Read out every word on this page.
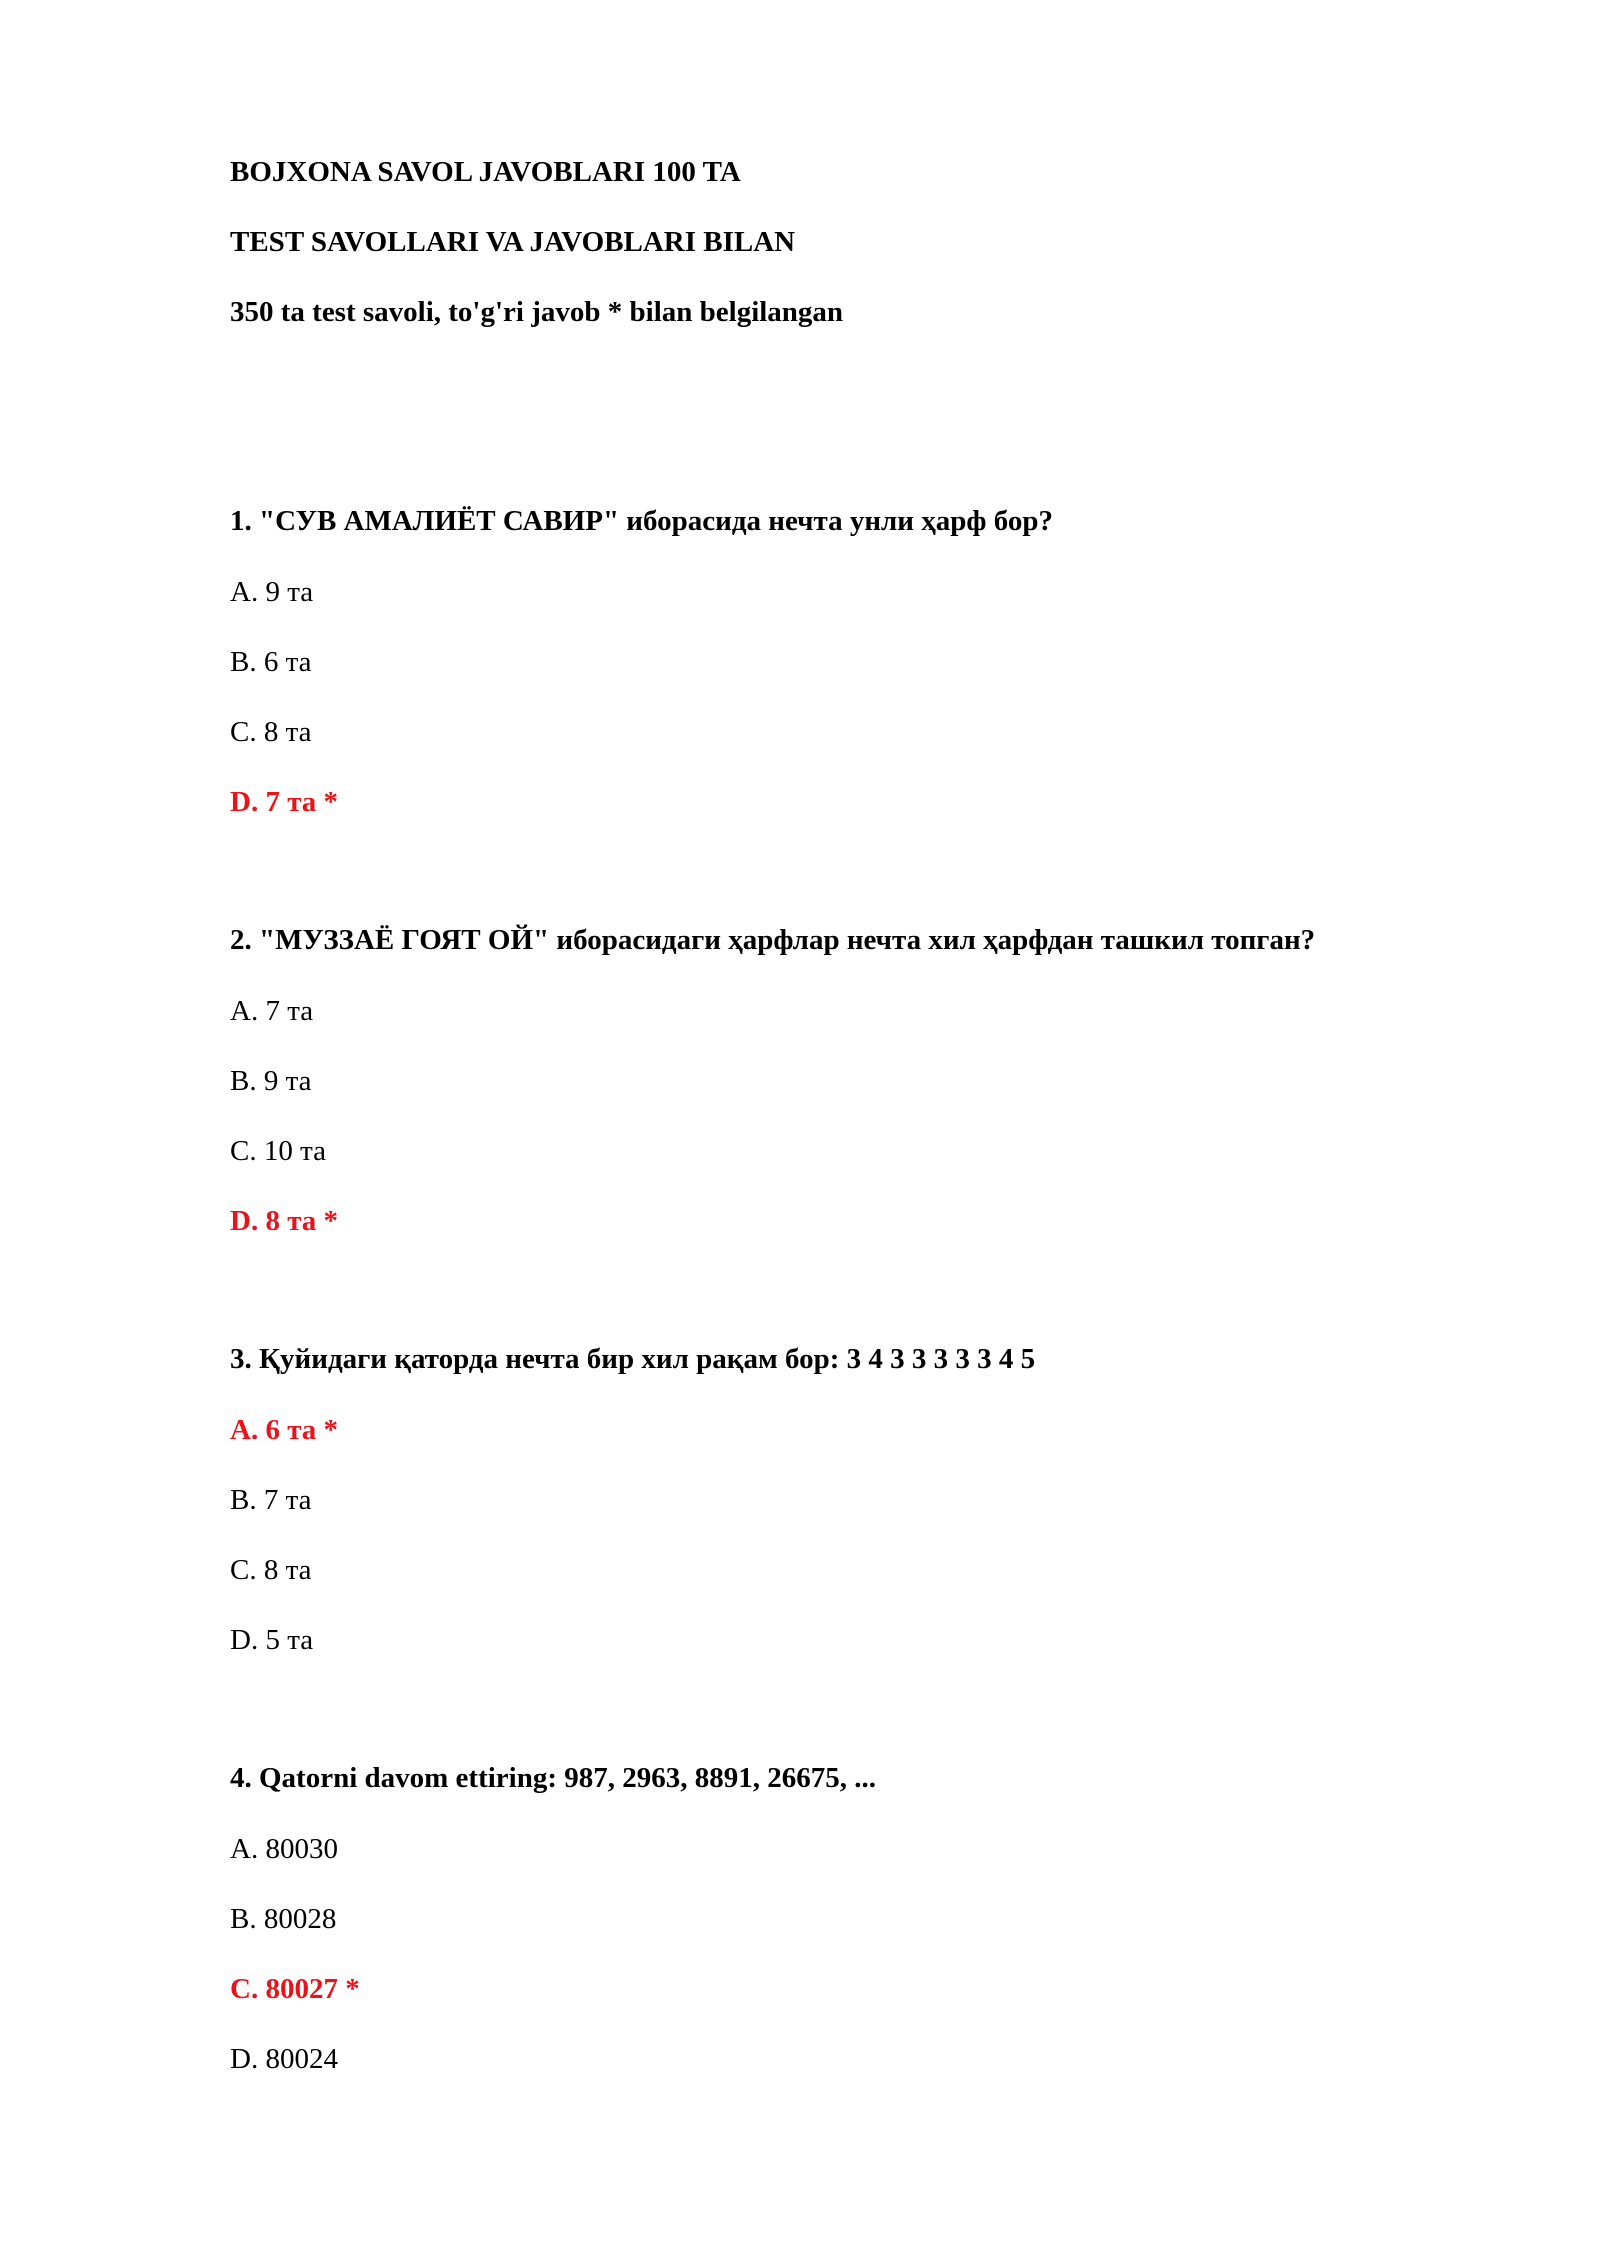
BOJXONA SAVOL JAVOBLARI 100 TA
TEST SAVOLLARI VA JAVOBLARI BILAN
350 ta test savoli, to'g'ri javob * bilan belgilangan
1. "СУВ АМАЛИЁТ САВИР" иборасида нечта унли ҳарф бор?
A. 9 та
B. 6 та
C. 8 та
D. 7 та *
2. "МУЗЗАЁ ГОЯТ ОЙ" иборасидаги ҳарфлар нечта хил ҳарфдан ташкил топган?
A. 7 та
B. 9 та
C. 10 та
D. 8 та *
3. Қуйидаги қаторда нечта бир хил рақам бор: 3 4 3 3 3 3 3 4 5
A. 6 та *
B. 7 та
C. 8 та
D. 5 та
4. Qatorni davom ettiring: 987, 2963, 8891, 26675, ...
A. 80030
B. 80028
C. 80027 *
D. 80024
